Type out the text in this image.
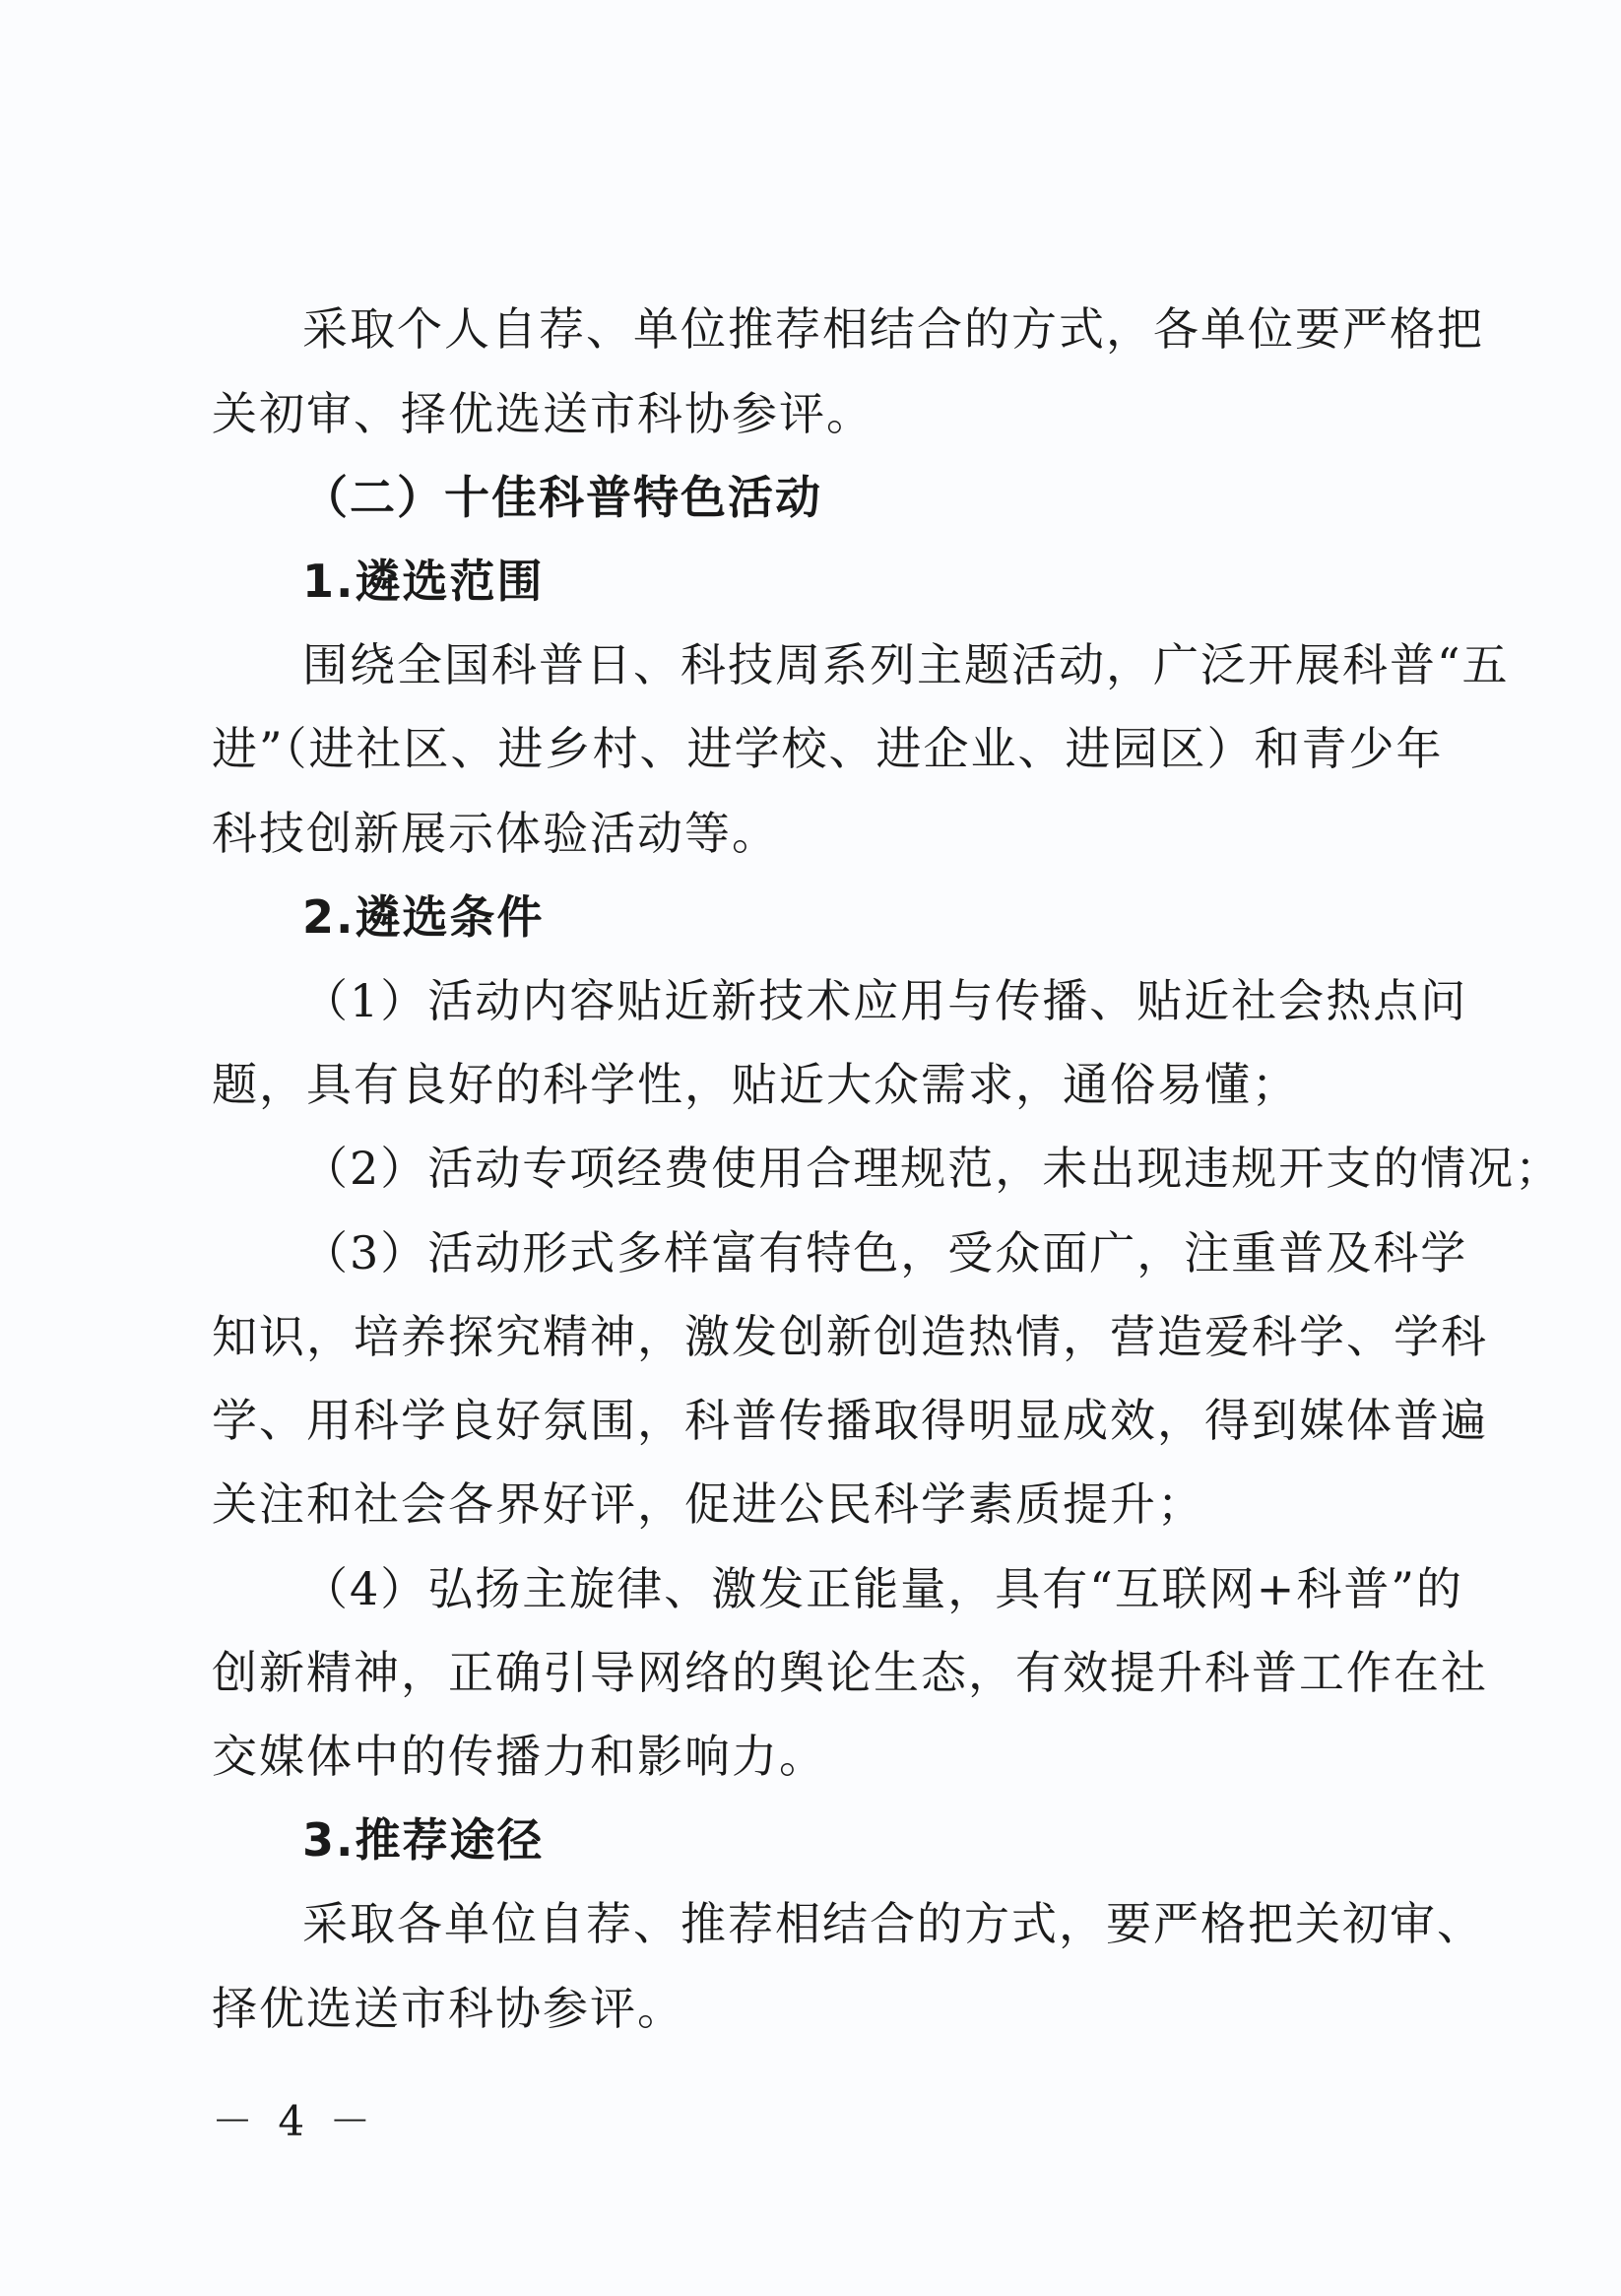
采取个人自荐、单位推荐相结合的方式，各单位要严格把
关初审、择优选送市科协参评。
（二）十佳科普特色活动
1.遴选范围
围绕全国科普日、科技周系列主题活动，广泛开展科普“五
进”（进社区、进乡村、进学校、进企业、进园区）和青少年
科技创新展示体验活动等。
2.遴选条件
（1）活动内容贴近新技术应用与传播、贴近社会热点问
题，具有良好的科学性，贴近大众需求，通俗易懂；
（2）活动专项经费使用合理规范，未出现违规开支的情况；
（3）活动形式多样富有特色，受众面广，注重普及科学
知识，培养探究精神，激发创新创造热情，营造爱科学、学科
学、用科学良好氛围，科普传播取得明显成效，得到媒体普遍
关注和社会各界好评，促进公民科学素质提升；
（4）弘扬主旋律、激发正能量，具有“互联网+科普”的
创新精神，正确引导网络的舆论生态，有效提升科普工作在社
交媒体中的传播力和影响力。
3.推荐途径
采取各单位自荐、推荐相结合的方式，要严格把关初审、
择优选送市科协参评。
－ 4 －
